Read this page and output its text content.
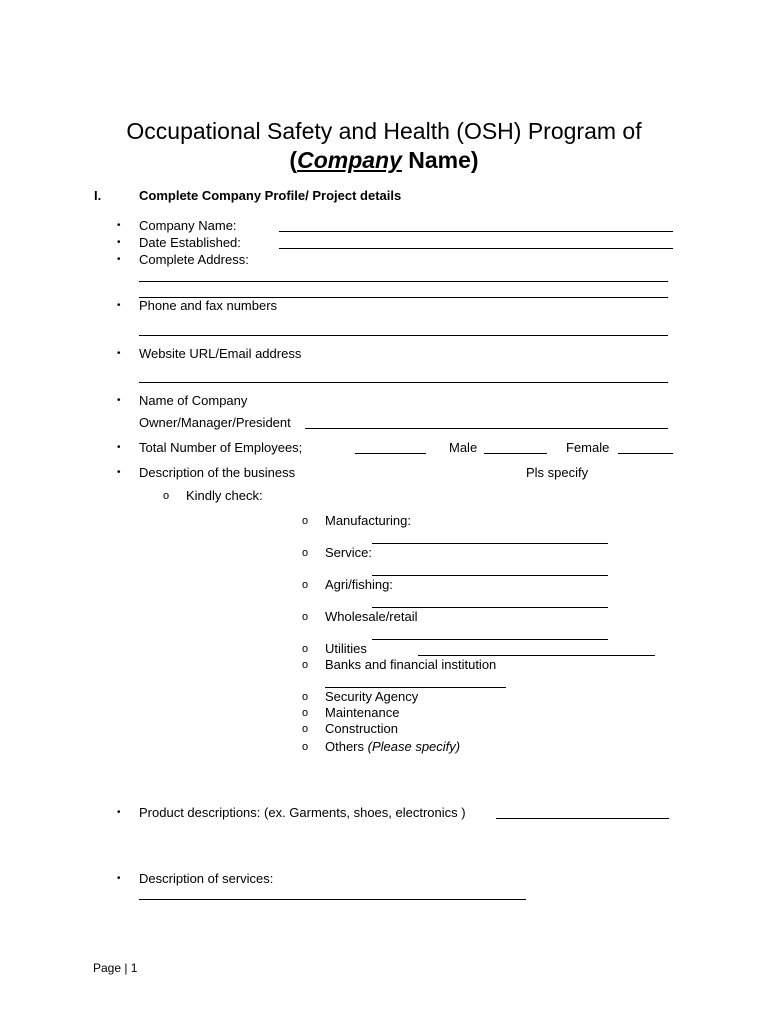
Occupational Safety and Health (OSH) Program of
(Company Name)
I.	Complete Company Profile/ Project details
• Company Name:
• Date Established:
• Complete Address:
• Phone and fax numbers
• Website URL/Email address
• Name of Company
Owner/Manager/President
• Total Number of Employees;	Male	Female
• Description of the business	Pls specify
o Kindly check:
o Manufacturing:
o Service:
o Agri/fishing:
o Wholesale/retail
o Utilities
o Banks and financial institution
o Security Agency
o Maintenance
o Construction
o Others (Please specify)
• Product descriptions: (ex. Garments, shoes, electronics )
• Description of services:
Page | 1
